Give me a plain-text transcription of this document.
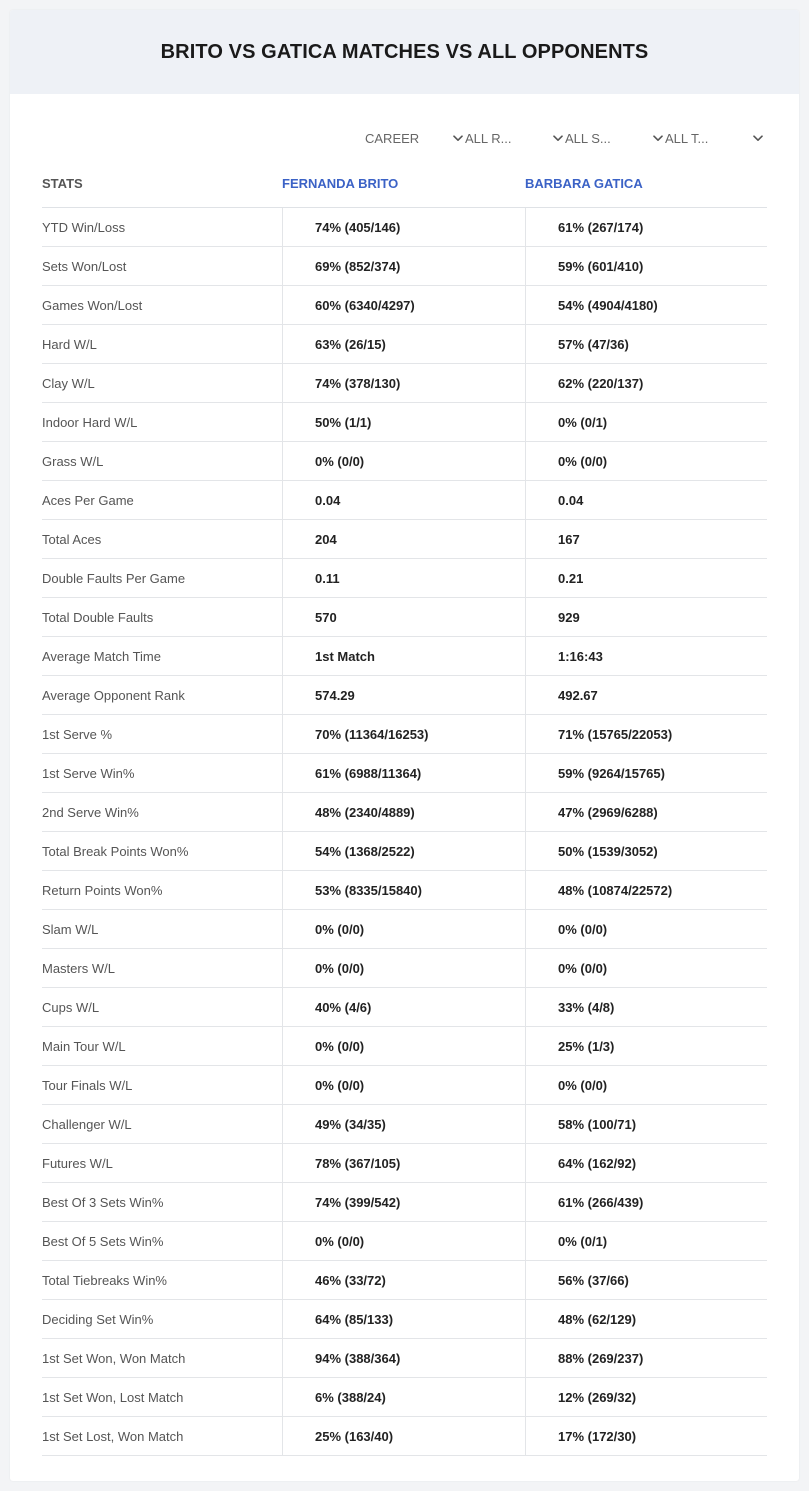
BRITO VS GATICA MATCHES VS ALL OPPONENTS
CAREER	ALL R...	ALL S...	ALL T...
STATS	FERNANDA BRITO	BARBARA GATICA
YTD Win/Loss	74% (405/146)	61% (267/174)
Sets Won/Lost	69% (852/374)	59% (601/410)
Games Won/Lost	60% (6340/4297)	54% (4904/4180)
Hard W/L	63% (26/15)	57% (47/36)
Clay W/L	74% (378/130)	62% (220/137)
Indoor Hard W/L	50% (1/1)	0% (0/1)
Grass W/L	0% (0/0)	0% (0/0)
Aces Per Game	0.04	0.04
Total Aces	204	167
Double Faults Per Game	0.11	0.21
Total Double Faults	570	929
Average Match Time	1st Match	1:16:43
Average Opponent Rank	574.29	492.67
1st Serve %	70% (11364/16253)	71% (15765/22053)
1st Serve Win%	61% (6988/11364)	59% (9264/15765)
2nd Serve Win%	48% (2340/4889)	47% (2969/6288)
Total Break Points Won%	54% (1368/2522)	50% (1539/3052)
Return Points Won%	53% (8335/15840)	48% (10874/22572)
Slam W/L	0% (0/0)	0% (0/0)
Masters W/L	0% (0/0)	0% (0/0)
Cups W/L	40% (4/6)	33% (4/8)
Main Tour W/L	0% (0/0)	25% (1/3)
Tour Finals W/L	0% (0/0)	0% (0/0)
Challenger W/L	49% (34/35)	58% (100/71)
Futures W/L	78% (367/105)	64% (162/92)
Best Of 3 Sets Win%	74% (399/542)	61% (266/439)
Best Of 5 Sets Win%	0% (0/0)	0% (0/1)
Total Tiebreaks Win%	46% (33/72)	56% (37/66)
Deciding Set Win%	64% (85/133)	48% (62/129)
1st Set Won, Won Match	94% (388/364)	88% (269/237)
1st Set Won, Lost Match	6% (388/24)	12% (269/32)
1st Set Lost, Won Match	25% (163/40)	17% (172/30)
